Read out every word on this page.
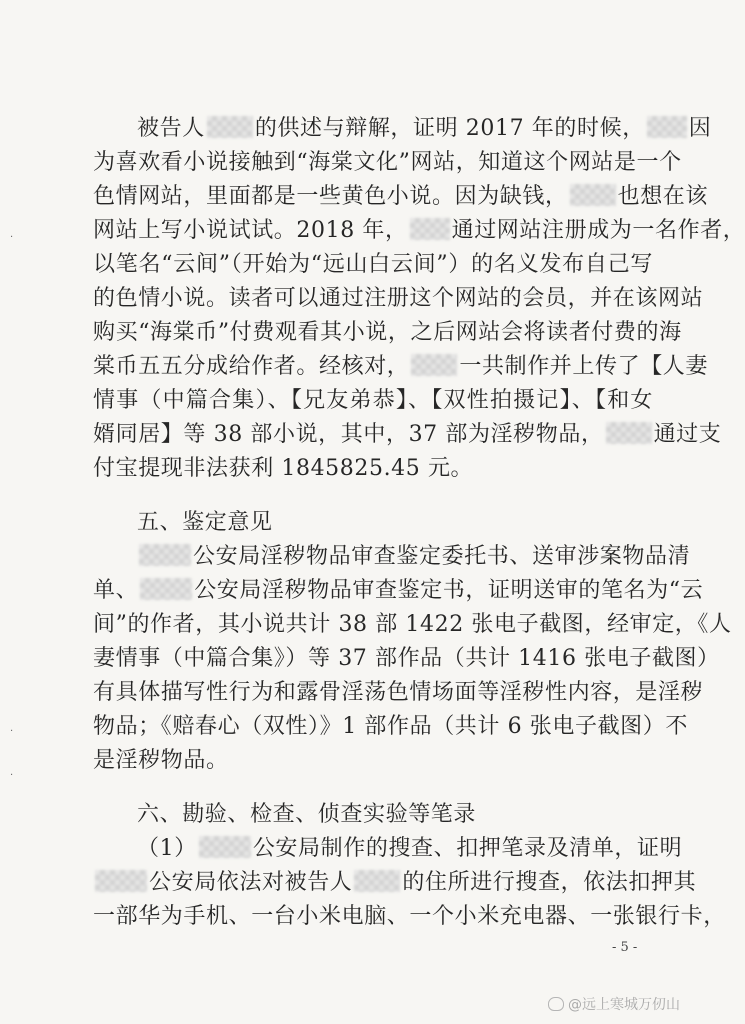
被告人 的供述与辩解，证明 2017 年的时候， 因
为喜欢看小说接触到“海棠文化”网站，知道这个网站是一个
色情网站，里面都是一些黄色小说。因为缺钱， 也想在该
网站上写小说试试。2018 年， 通过网站注册成为一名作者，
以笔名“云间”（开始为“远山白云间”）的名义发布自己写
的色情小说。读者可以通过注册这个网站的会员，并在该网站
购买“海棠币”付费观看其小说，之后网站会将读者付费的海
棠币五五分成给作者。经核对， 一共制作并上传了【人妻
情事（中篇合集）、【兄友弟恭】、【双性拍摄记】、【和女
婿同居】等 38 部小说，其中，37 部为淫秽物品， 通过支
付宝提现非法获利 1845825.45 元。
五、鉴定意见
公安局淫秽物品审查鉴定委托书、送审涉案物品清
单、	公安局淫秽物品审查鉴定书，证明送审的笔名为“云
间”的作者，其小说共计 38 部 1422 张电子截图，经审定，《人
妻情事（中篇合集》）等 37 部作品（共计 1416 张电子截图）
有具体描写性行为和露骨淫荡色情场面等淫秽性内容，是淫秽
物品；《赔春心（双性）》1 部作品（共计 6 张电子截图）不
是淫秽物品。
六、勘验、检查、侦查实验等笔录
（1）	公安局制作的搜查、扣押笔录及清单，证明
公安局依法对被告人 的住所进行搜查，依法扣押其
一部华为手机、一台小米电脑、一个小米充电器、一张银行卡，
·
·
·
- 5 -
@远上寒城万仞山
